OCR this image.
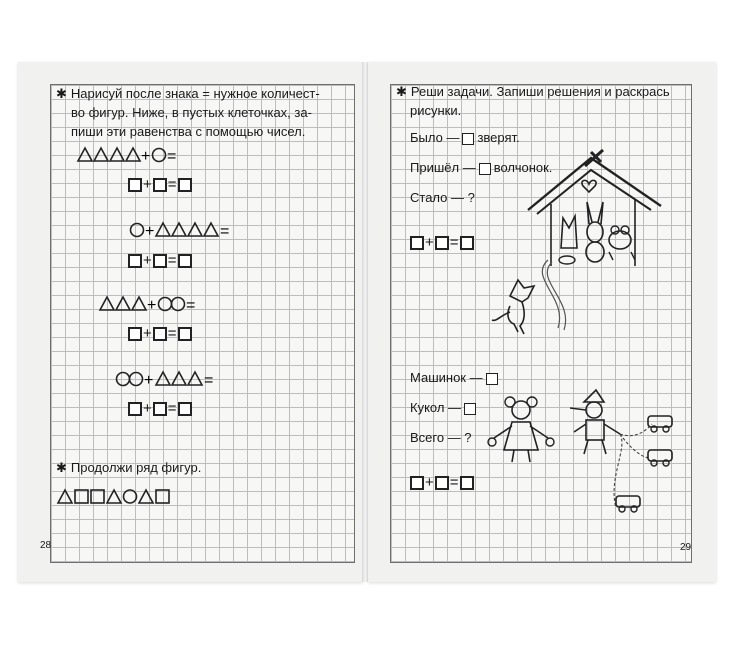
✱ Нарисуй после знака = нужное количест-
во фигур. Ниже, в пустых клеточках, за-
пиши эти равенства с помощью чисел.
+ =
+ =
+	=
+ =
+ =
+ =
+	=
+ =
✱ Продолжи ряд фигур.
28
✱ Реши задачи. Запиши решения и раскрась
рисунки.
Было — зверят.
Пришёл — волчонок.
Стало — ?
+ =
Машинок —
Кукол —
Всего — ?
+ =
29
